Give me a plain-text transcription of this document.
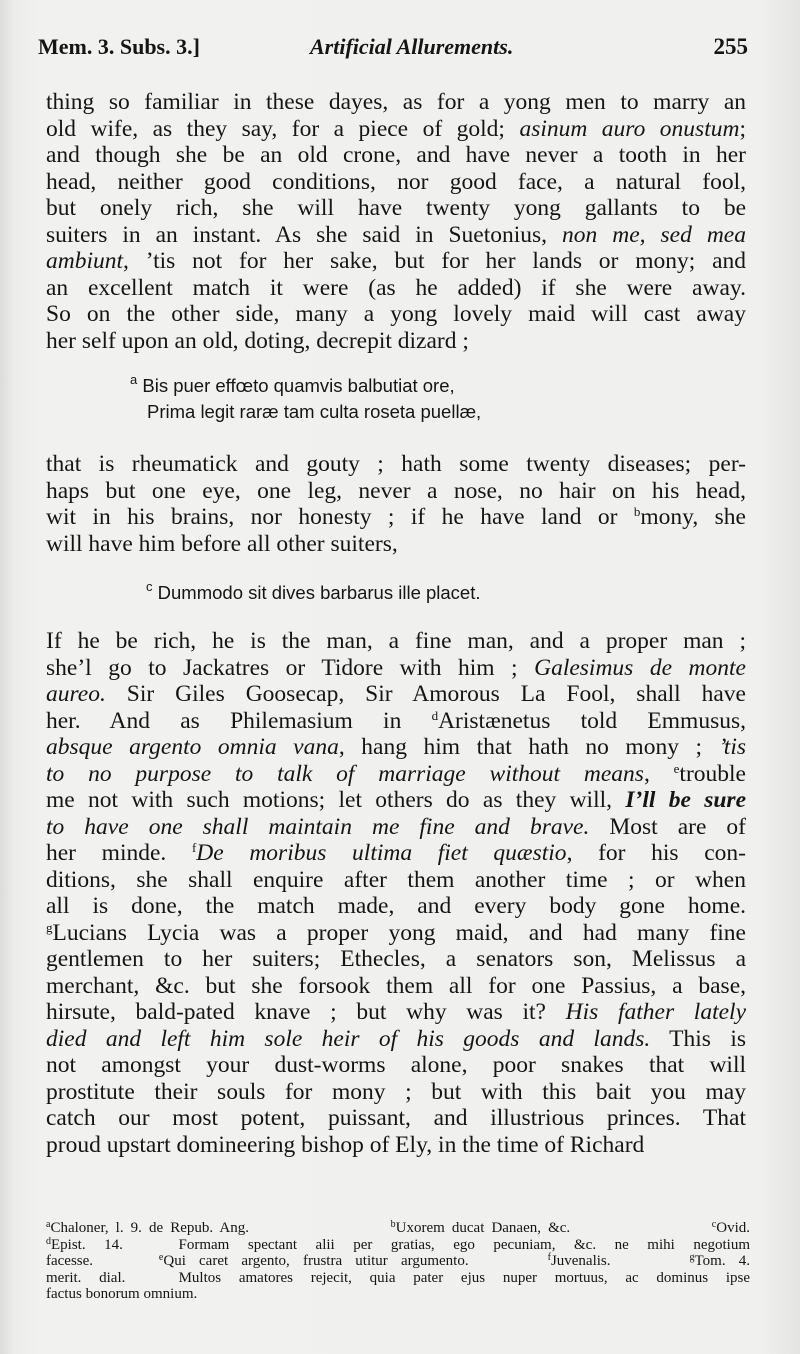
Mem. 3. Subs. 3.]	Artificial Allurements.	255
thing so familiar in these dayes, as for a yong men to marry an
old wife, as they say, for a piece of gold; asinum auro onustum;
and though she be an old crone, and have never a tooth in her
head, neither good conditions, nor good face, a natural fool,
but onely rich, she will have twenty yong gallants to be
suiters in an instant. As she said in Suetonius, non me, sed mea
ambiunt, ’tis not for her sake, but for her lands or mony; and
an excellent match it were (as he added) if she were away.
So on the other side, many a yong lovely maid will cast away
her self upon an old, doting, decrepit dizard ;
$^a$ Bis puer effœto quamvis balbutiat ore,
Prima legit raræ tam culta roseta puellæ,
that is rheumatick and gouty ; hath some twenty diseases; per-
haps but one eye, one leg, never a nose, no hair on his head,
wit in his brains, nor honesty ; if he have land or $^b$mony, she
will have him before all other suiters,
$^c$ Dummodo sit dives barbarus ille placet.
If he be rich, he is the man, a fine man, and a proper man ;
she’l go to Jackatres or Tidore with him ; Galesimus de monte
aureo. Sir Giles Goosecap, Sir Amorous La Fool, shall have
her. And as Philemasium in $^d$Aristænetus told Emmusus,
absque argento omnia vana, hang him that hath no mony ; ’tis
to no purpose to talk of marriage without means, $^e$trouble
me not with such motions; let others do as they will, I’ll be sure
to have one shall maintain me fine and brave. Most are of
her minde. $^f$De moribus ultima fiet quæstio, for his con-
ditions, she shall enquire after them another time ; or when
all is done, the match made, and every body gone home.
$^g$Lucians Lycia was a proper yong maid, and had many fine
gentlemen to her suiters; Ethecles, a senators son, Melissus a
merchant, &c. but she forsook them all for one Passius, a base,
hirsute, bald-pated knave ; but why was it? His father lately
died and left him sole heir of his goods and lands. This is
not amongst your dust-worms alone, poor snakes that will
prostitute their souls for mony ; but with this bait you may
catch our most potent, puissant, and illustrious princes. That
proud upstart domineering bishop of Ely, in the time of Richard
$^a$Chaloner, l. 9. de Repub. Ang.                    $^b$Uxorem ducat Danaen, &c.                    $^c$Ovid.
$^d$Epist. 14.   Formam spectant alii per gratias, ego pecuniam, &c. ne mihi negotium
facesse.     $^e$Qui caret argento, frustra utitur argumento.      $^f$Juvenalis.      $^g$Tom. 4.
merit. dial.   Multos amatores rejecit, quia pater ejus nuper mortuus, ac dominus ipse
factus bonorum omnium.
